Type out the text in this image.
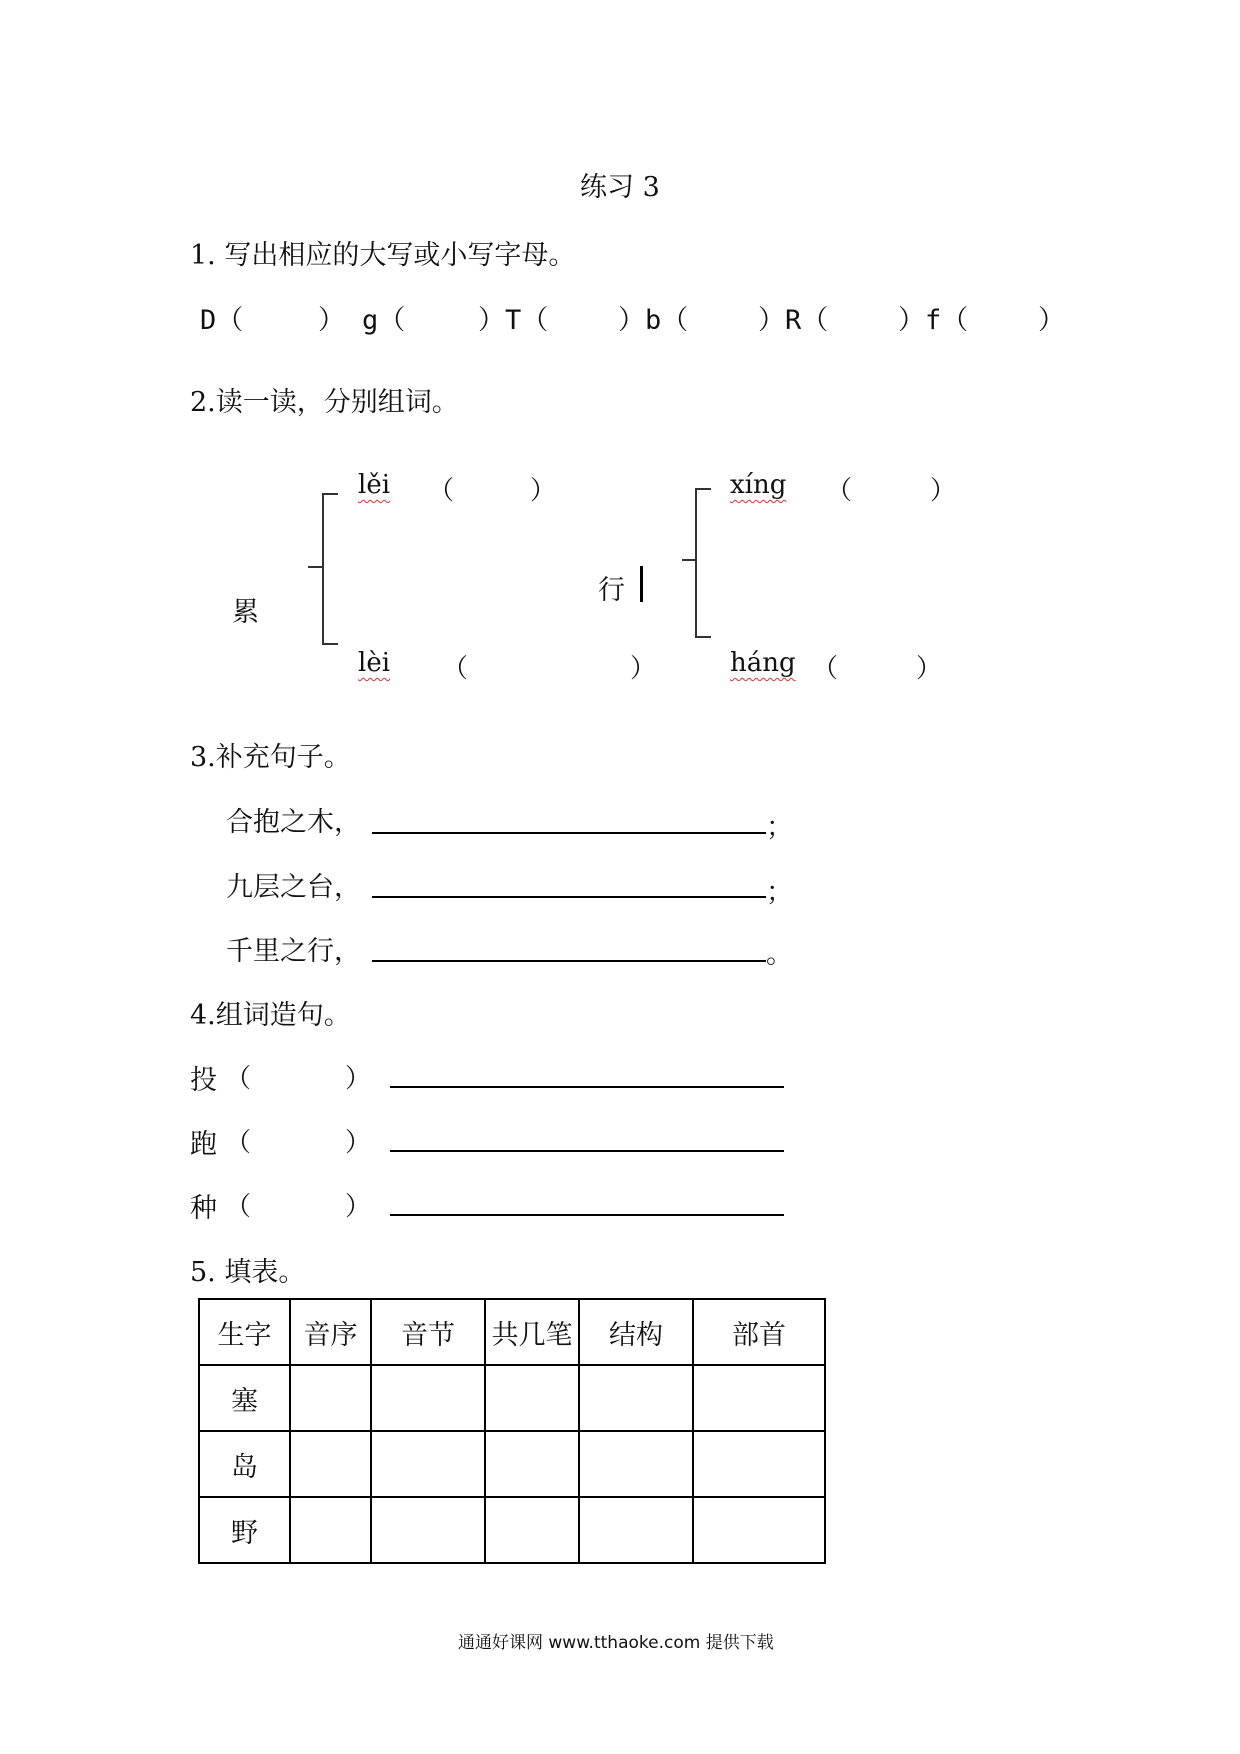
练习 3
1. 写出相应的大写或小写字母。
D（	） g（	）T（	）b（	）R（	）f（	）
2.读一读，分别组词。
累
lěi （	）
lèi （	）
行
xíng （	）
háng （	）
3.补充句子。
合抱之木，	；
九层之台，	；
千里之行，	。
4.组词造句。
投 （	）
跑 （	）
种 （	）
5. 填表。
生字	音序	音节	共几笔	结构	部首
塞					
岛					
野					
通通好课网 www.tthaoke.com 提供下载
